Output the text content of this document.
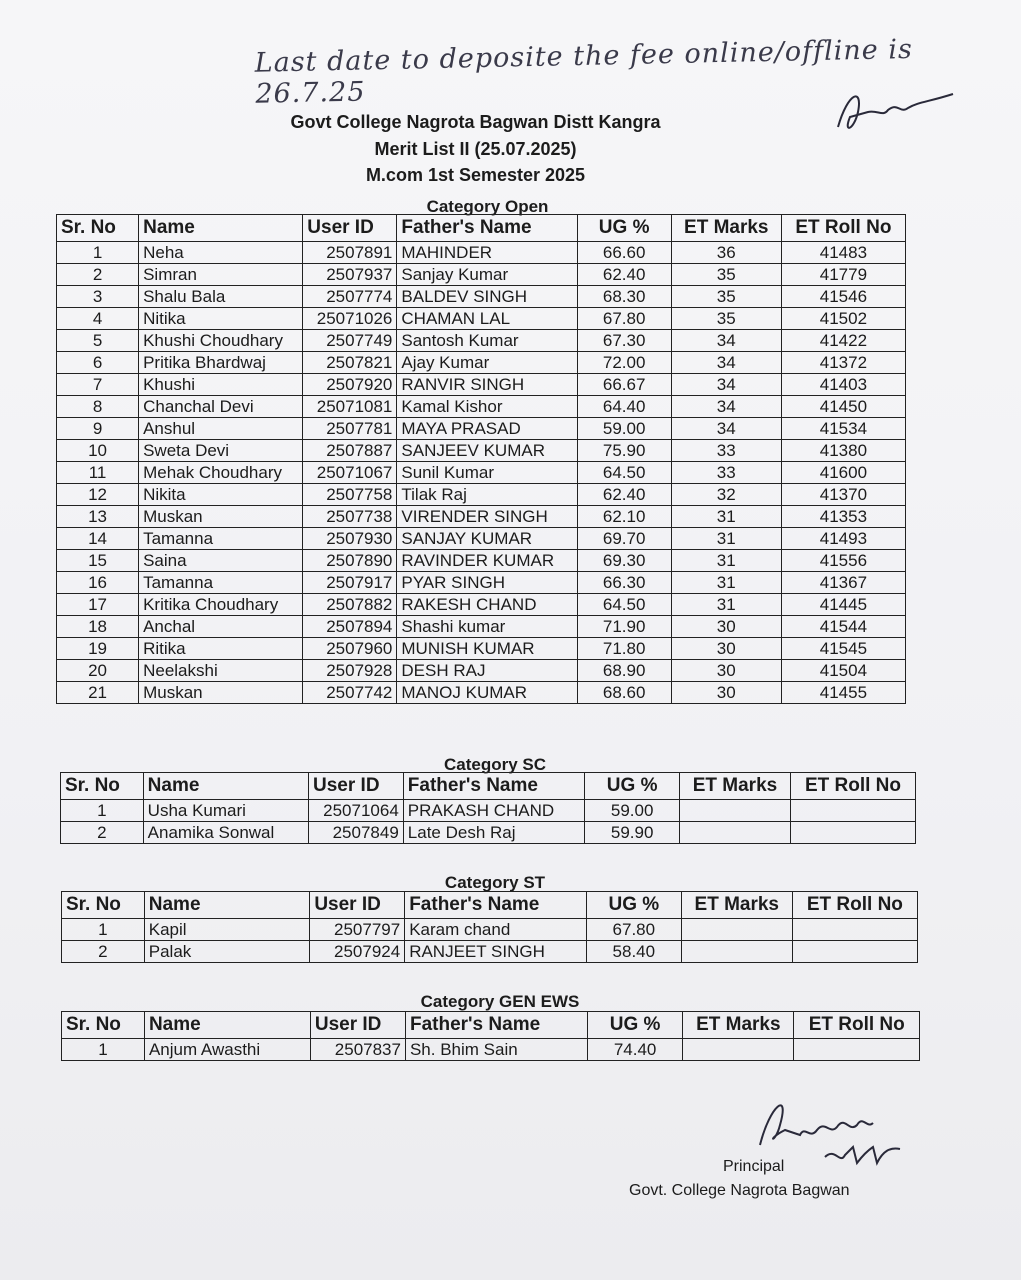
Last date to deposite the fee online/offline is 26.7.25
Govt College Nagrota Bagwan Distt Kangra
Merit List II (25.07.2025)
M.com 1st Semester 2025
Category Open
Sr. No	Name	User ID	Father's Name	UG %	ET Marks	ET Roll No
1	Neha	2507891	MAHINDER	66.60	36	41483
2	Simran	2507937	Sanjay Kumar	62.40	35	41779
3	Shalu Bala	2507774	BALDEV SINGH	68.30	35	41546
4	Nitika	25071026	CHAMAN LAL	67.80	35	41502
5	Khushi Choudhary	2507749	Santosh Kumar	67.30	34	41422
6	Pritika Bhardwaj	2507821	Ajay Kumar	72.00	34	41372
7	Khushi	2507920	RANVIR SINGH	66.67	34	41403
8	Chanchal Devi	25071081	Kamal Kishor	64.40	34	41450
9	Anshul	2507781	MAYA PRASAD	59.00	34	41534
10	Sweta Devi	2507887	SANJEEV KUMAR	75.90	33	41380
11	Mehak Choudhary	25071067	Sunil Kumar	64.50	33	41600
12	Nikita	2507758	Tilak Raj	62.40	32	41370
13	Muskan	2507738	VIRENDER SINGH	62.10	31	41353
14	Tamanna	2507930	SANJAY KUMAR	69.70	31	41493
15	Saina	2507890	RAVINDER KUMAR	69.30	31	41556
16	Tamanna	2507917	PYAR SINGH	66.30	31	41367
17	Kritika Choudhary	2507882	RAKESH CHAND	64.50	31	41445
18	Anchal	2507894	Shashi kumar	71.90	30	41544
19	Ritika	2507960	MUNISH KUMAR	71.80	30	41545
20	Neelakshi	2507928	DESH RAJ	68.90	30	41504
21	Muskan	2507742	MANOJ KUMAR	68.60	30	41455
Category SC
Sr. No	Name	User ID	Father's Name	UG %	ET Marks	ET Roll No
1	Usha Kumari	25071064	PRAKASH CHAND	59.00		
2	Anamika Sonwal	2507849	Late Desh Raj	59.90		
Category ST
Sr. No	Name	User ID	Father's Name	UG %	ET Marks	ET Roll No
1	Kapil	2507797	Karam chand	67.80		
2	Palak	2507924	RANJEET SINGH	58.40		
Category GEN EWS
Sr. No	Name	User ID	Father's Name	UG %	ET Marks	ET Roll No
1	Anjum Awasthi	2507837	Sh. Bhim Sain	74.40		
Principal
Govt. College Nagrota Bagwan
